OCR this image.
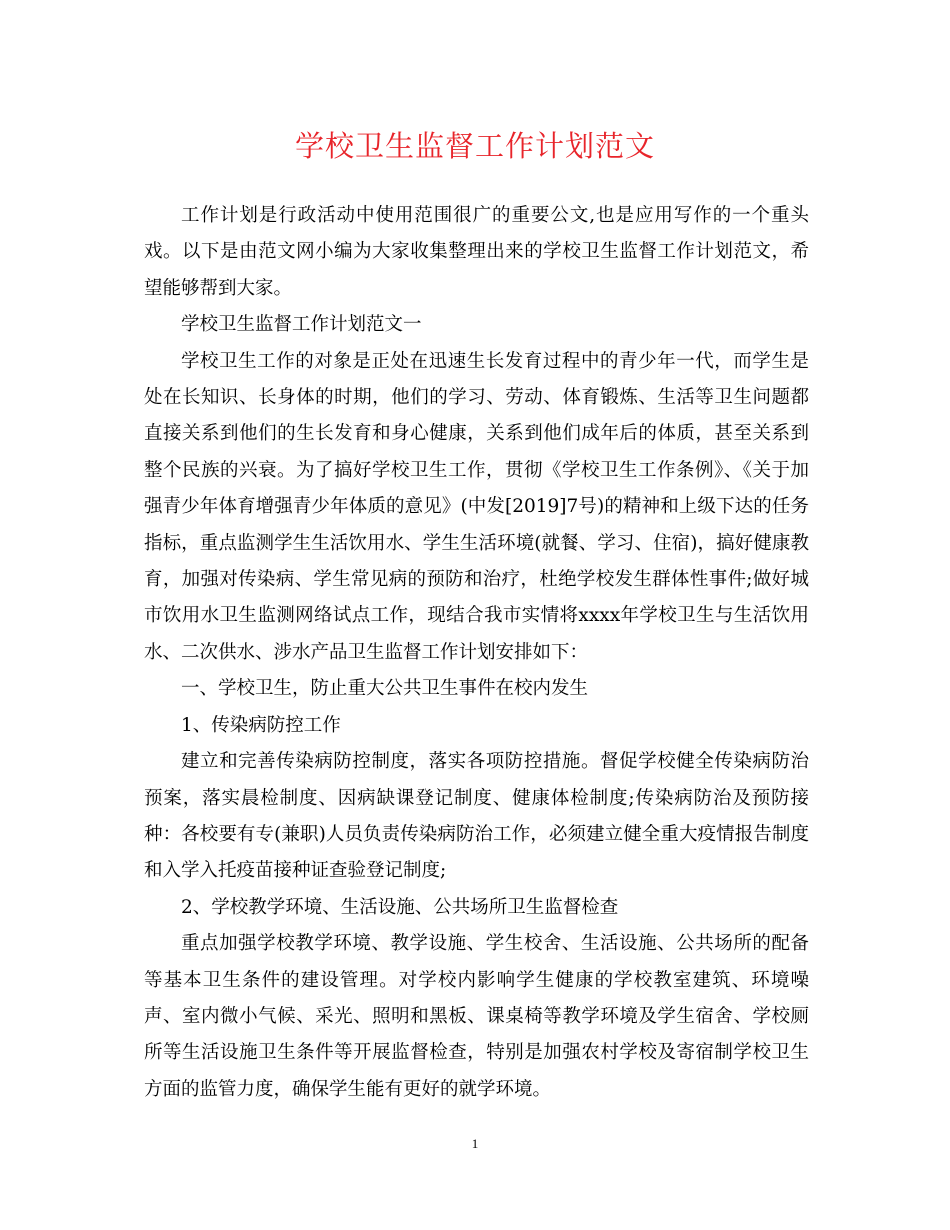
学校卫生监督工作计划范文

工作计划是行政活动中使用范围很广的重要公文,也是应用写作的一个重头戏。以下是由范文网小编为大家收集整理出来的学校卫生监督工作计划范文，希望能够帮到大家。

学校卫生监督工作计划范文一

学校卫生工作的对象是正处在迅速生长发育过程中的青少年一代，而学生是处在长知识、长身体的时期，他们的学习、劳动、体育锻炼、生活等卫生问题都直接关系到他们的生长发育和身心健康，关系到他们成年后的体质，甚至关系到整个民族的兴衰。为了搞好学校卫生工作，贯彻《学校卫生工作条例》、《关于加强青少年体育增强青少年体质的意见》(中发[2019]7号)的精神和上级下达的任务指标，重点监测学生生活饮用水、学生生活环境(就餐、学习、住宿)，搞好健康教育，加强对传染病、学生常见病的预防和治疗，杜绝学校发生群体性事件;做好城市饮用水卫生监测网络试点工作，现结合我市实情将xxxx年学校卫生与生活饮用水、二次供水、涉水产品卫生监督工作计划安排如下：

一、学校卫生，防止重大公共卫生事件在校内发生

1、传染病防控工作

建立和完善传染病防控制度，落实各项防控措施。督促学校健全传染病防治预案，落实晨检制度、因病缺课登记制度、健康体检制度;传染病防治及预防接种：各校要有专(兼职)人员负责传染病防治工作，必须建立健全重大疫情报告制度和入学入托疫苗接种证查验登记制度;

2、学校教学环境、生活设施、公共场所卫生监督检查

重点加强学校教学环境、教学设施、学生校舍、生活设施、公共场所的配备等基本卫生条件的建设管理。对学校内影响学生健康的学校教室建筑、环境噪声、室内微小气候、采光、照明和黑板、课桌椅等教学环境及学生宿舍、学校厕所等生活设施卫生条件等开展监督检查，特别是加强农村学校及寄宿制学校卫生方面的监管力度，确保学生能有更好的就学环境。

1
